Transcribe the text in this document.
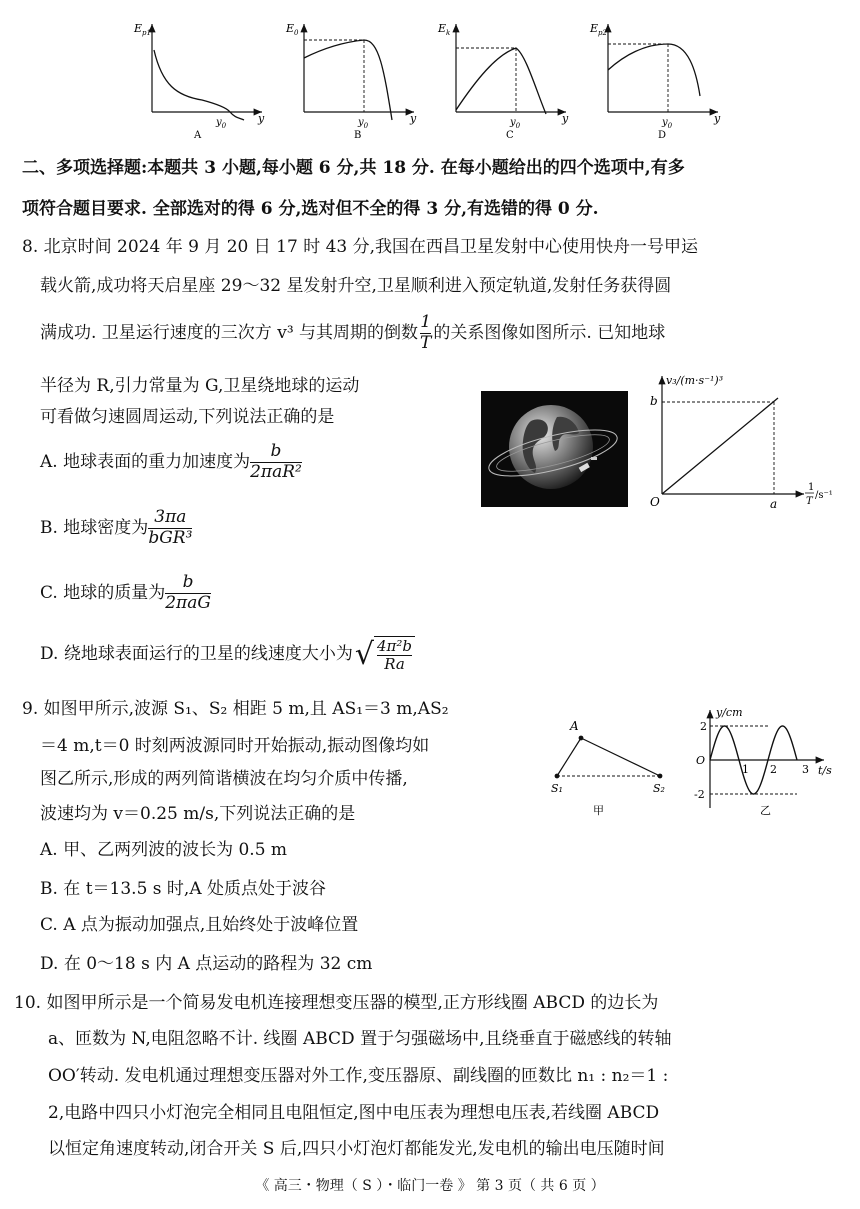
$E_{p1}$
$y_0$
y
A
$E_0$
$y_0$
y
B
$E_k$
$y_0$
y
C
$E_{p2}$
$y_0$
y
D
二、多项选择题:本题共 3 小题,每小题 6 分,共 18 分. 在每小题给出的四个选项中,有多
项符合题目要求. 全部选对的得 6 分,选对但不全的得 3 分,有选错的得 0 分.
8. 北京时间 2024 年 9 月 20 日 17 时 43 分,我国在西昌卫星发射中心使用快舟一号甲运
载火箭,成功将天启星座 29～32 星发射升空,卫星顺利进入预定轨道,发射任务获得圆
满成功. 卫星运行速度的三次方 v³ 与其周期的倒数 $\frac{1}{T}$ 的关系图像如图所示. 已知地球
半径为 R,引力常量为 G,卫星绕地球的运动
可看做匀速圆周运动,下列说法正确的是
A. 地球表面的重力加速度为 $\frac{b}{\text{2πaR²}}$
B. 地球密度为 $\frac{3\pi a}{\text{bGR³}}$
C. 地球的质量为 $\frac{b}{\text{2πaG}}$
D. 绕地球表面运行的卫星的线速度大小为 √ $\frac{\text{4π²b}}{Ra}$
v₃/(m·s⁻¹)³
b
O	a
1
T
/s⁻¹
9. 如图甲所示,波源 S₁、S₂ 相距 5 m,且 AS₁＝3 m,AS₂
＝4 m,t＝0 时刻两波源同时开始振动,振动图像均如
图乙所示,形成的两列简谐横波在均匀介质中传播,
波速均为 v＝0.25 m/s,下列说法正确的是
A. 甲、乙两列波的波长为 0.5 m
B. 在 t＝13.5 s 时,A 处质点处于波谷
C. A 点为振动加强点,且始终处于波峰位置
D. 在 0～18 s 内 A 点运动的路程为 32 cm
A
S₁	S₂
甲
y/cm
2
O
-2
1 2 3 t/s
乙
10. 如图甲所示是一个简易发电机连接理想变压器的模型,正方形线圈 ABCD 的边长为
a、匝数为 N,电阻忽略不计. 线圈 ABCD 置于匀强磁场中,且绕垂直于磁感线的转轴
OO′转动. 发电机通过理想变压器对外工作,变压器原、副线圈的匝数比 n₁ : n₂＝1 :
2,电路中四只小灯泡完全相同且电阻恒定,图中电压表为理想电压表,若线圈 ABCD
以恒定角速度转动,闭合开关 S 后,四只小灯泡灯都能发光,发电机的输出电压随时间
《 高三・物理（ S ）・临门一卷 》 第 3 页（ 共 6 页 ）
